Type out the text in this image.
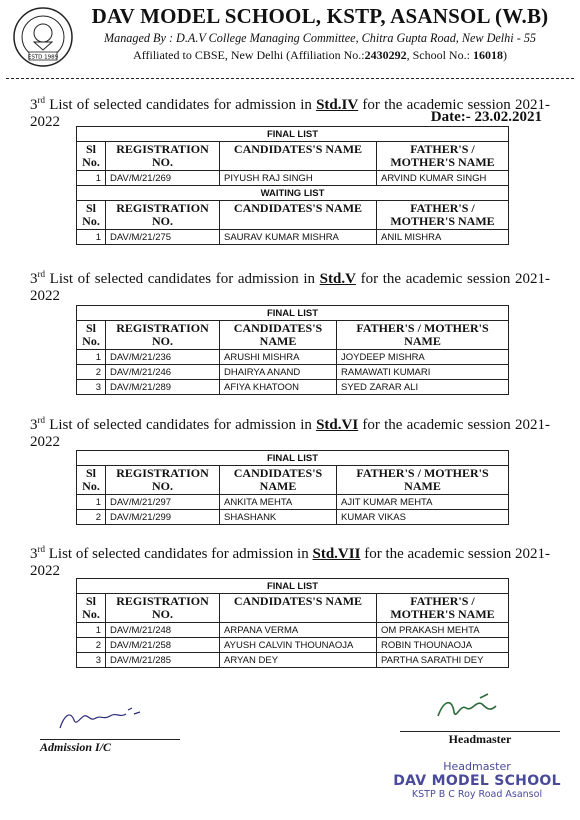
ESTD 1989
DAV MODEL SCHOOL, KSTP, ASANSOL (W.B)
Managed By : D.A.V College Managing Committee, Chitra Gupta Road, New Delhi - 55
Affiliated to CBSE, New Delhi (Affiliation No.:2430292, School No.: 16018)
3rd List of selected candidates for admission in Std.IV for the academic session 2021-2022	Date:- 23.02.2021
FINAL LIST			
Sl No.	REGISTRATION NO.	CANDIDATES'S NAME	FATHER'S / MOTHER'S NAME
1	DAV/M/21/269	PIYUSH RAJ SINGH	ARVIND KUMAR SINGH
WAITING LIST			
Sl No.	REGISTRATION NO.	CANDIDATES'S NAME	FATHER'S / MOTHER'S NAME
1	DAV/M/21/275	SAURAV KUMAR MISHRA	ANIL MISHRA
3rd List of selected candidates for admission in Std.V for the academic session 2021-2022
FINAL LIST			
Sl No.	REGISTRATION NO.	CANDIDATES'S NAME	FATHER'S / MOTHER'S NAME
1	DAV/M/21/236	ARUSHI MISHRA	JOYDEEP MISHRA
2	DAV/M/21/246	DHAIRYA ANAND	RAMAWATI KUMARI
3	DAV/M/21/289	AFIYA KHATOON	SYED ZARAR ALI
3rd List of selected candidates for admission in Std.VI for the academic session 2021-2022
FINAL LIST			
Sl No.	REGISTRATION NO.	CANDIDATES'S NAME	FATHER'S / MOTHER'S NAME
1	DAV/M/21/297	ANKITA MEHTA	AJIT KUMAR MEHTA
2	DAV/M/21/299	SHASHANK	KUMAR VIKAS
3rd List of selected candidates for admission in Std.VII for the academic session 2021-2022
FINAL LIST			
Sl No.	REGISTRATION NO.	CANDIDATES'S NAME	FATHER'S / MOTHER'S NAME
1	DAV/M/21/248	ARPANA VERMA	OM PRAKASH MEHTA
2	DAV/M/21/258	AYUSH CALVIN THOUNAOJA	ROBIN THOUNAOJA
3	DAV/M/21/285	ARYAN DEY	PARTHA SARATHI DEY
Admission I/C
Headmaster
Headmaster
DAV MODEL SCHOOL
KSTP B C Roy Road Asansol
